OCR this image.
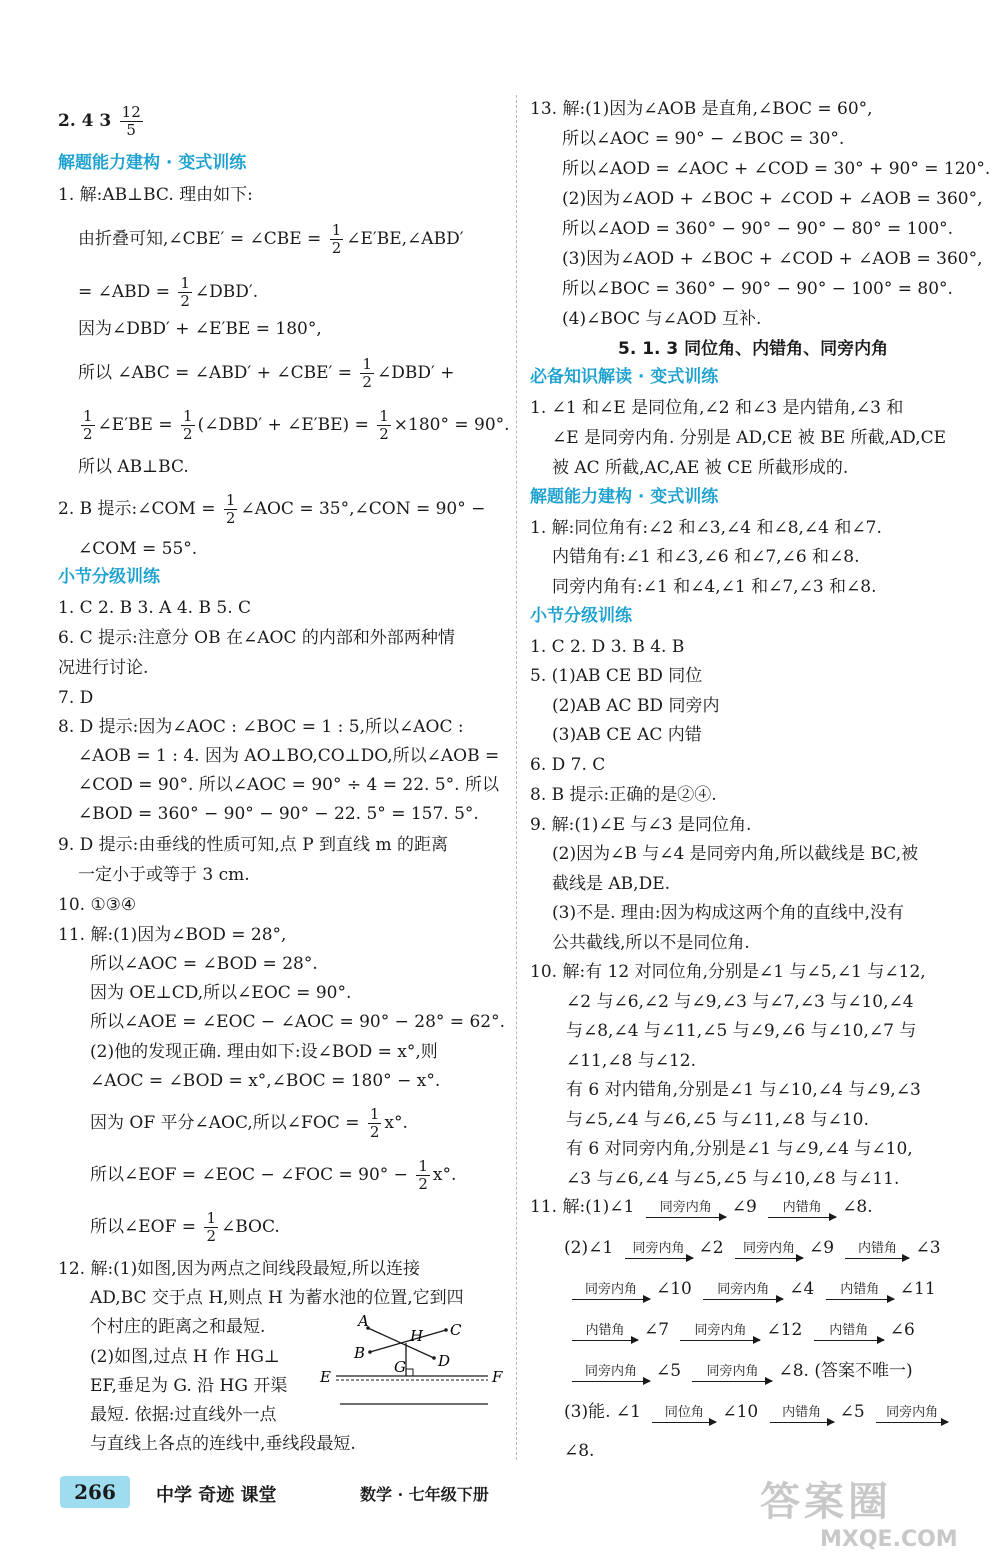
2. 4 $3 \frac{12}{5}$
解题能力建构 · 变式训练
1. 解:AB⊥BC. 理由如下:
由折叠可知,∠CBE′ = ∠CBE = $\frac{1}{2}$ ∠E′BE,∠ABD′
= ∠ABD = $\frac{1}{2}$ ∠DBD′.
因为∠DBD′ + ∠E′BE = 180°,
所以 ∠ABC = ∠ABD′ + ∠CBE′ = $\frac{1}{2}$ ∠DBD′ +
$\frac{1}{2}$ ∠E′BE = $\frac{1}{2}$ (∠DBD′ + ∠E′BE) = $\frac{1}{2} \times 180^\circ = 90^\circ$.
所以 AB⊥BC.
2. B 提示:∠COM = $\frac{1}{2}$ ∠AOC = 35°,∠CON = 90° −
∠COM = 55°.
小节分级训练
1. C 2. B 3. A 4. B 5. C
6. C 提示:注意分 OB 在∠AOC 的内部和外部两种情
况进行讨论.
7. D
8. D 提示:因为∠AOC : ∠BOC = 1 : 5,所以∠AOC :
∠AOB = 1 : 4. 因为 AO⊥BO,CO⊥DO,所以∠AOB =
∠COD = 90°. 所以∠AOC = 90° ÷ 4 = 22. 5°. 所以
∠BOD = 360° − 90° − 90° − 22. 5° = 157. 5°.
9. D 提示:由垂线的性质可知,点 P 到直线 m 的距离
一定小于或等于 3 cm.
10. ①③④
11. 解:(1)因为∠BOD = 28°,
所以∠AOC = ∠BOD = 28°.
因为 OE⊥CD,所以∠EOC = 90°.
所以∠AOE = ∠EOC − ∠AOC = 90° − 28° = 62°.
(2)他的发现正确. 理由如下:设∠BOD = x°,则
∠AOC = ∠BOD = x°,∠BOC = 180° − x°.
因为 OF 平分∠AOC,所以∠FOC = $\frac{1}{2} x^\circ$.
所以∠EOF = ∠EOC − ∠FOC = $90^\circ - \frac{1}{2} x^\circ$.
所以∠EOF = $\frac{1}{2}$ ∠BOC.
12. 解:(1)如图,因为两点之间线段最短,所以连接
AD,BC 交于点 H,则点 H 为蓄水池的位置,它到四
个村庄的距离之和最短.
(2)如图,过点 H 作 HG⊥
EF,垂足为 G. 沿 HG 开渠
最短. 依据:过直线外一点
与直线上各点的连线中,垂线段最短.
A
H C
B	D
G
E	F
13. 解:(1)因为∠AOB 是直角,∠BOC = 60°,
所以∠AOC = 90° − ∠BOC = 30°.
所以∠AOD = ∠AOC + ∠COD = 30° + 90° = 120°.
(2)因为∠AOD + ∠BOC + ∠COD + ∠AOB = 360°,
所以∠AOD = 360° − 90° − 90° − 80° = 100°.
(3)因为∠AOD + ∠BOC + ∠COD + ∠AOB = 360°,
所以∠BOC = 360° − 90° − 90° − 100° = 80°.
(4)∠BOC 与∠AOD 互补.
5. 1. 3 同位角、内错角、同旁内角
必备知识解读 · 变式训练
1. ∠1 和∠E 是同位角,∠2 和∠3 是内错角,∠3 和
∠E 是同旁内角. 分别是 AD,CE 被 BE 所截,AD,CE
被 AC 所截,AC,AE 被 CE 所截形成的.
解题能力建构 · 变式训练
1. 解:同位角有:∠2 和∠3,∠4 和∠8,∠4 和∠7.
内错角有:∠1 和∠3,∠6 和∠7,∠6 和∠8.
同旁内角有:∠1 和∠4,∠1 和∠7,∠3 和∠8.
小节分级训练
1. C 2. D 3. B 4. B
5. (1)AB CE BD 同位
(2)AB AC BD 同旁内
(3)AB CE AC 内错
6. D 7. C
8. B 提示:正确的是②④.
9. 解:(1)∠E 与∠3 是同位角.
(2)因为∠B 与∠4 是同旁内角,所以截线是 BC,被
截线是 AB,DE.
(3)不是. 理由:因为构成这两个角的直线中,没有
公共截线,所以不是同位角.
10. 解:有 12 对同位角,分别是∠1 与∠5,∠1 与∠12,
∠2 与∠6,∠2 与∠9,∠3 与∠7,∠3 与∠10,∠4
与∠8,∠4 与∠11,∠5 与∠9,∠6 与∠10,∠7 与
∠11,∠8 与∠12.
有 6 对内错角,分别是∠1 与∠10,∠4 与∠9,∠3
与∠5,∠4 与∠6,∠5 与∠11,∠8 与∠10.
有 6 对同旁内角,分别是∠1 与∠9,∠4 与∠10,
∠3 与∠6,∠4 与∠5,∠5 与∠10,∠8 与∠11.
11. 解:(1)∠1	同旁内角	∠9	内错角	∠8.
(2)∠1	同旁内角 ∠2	同旁内角 ∠9	内错角	∠3
同旁内角	∠10	同旁内角	∠4	内错角	∠11
内错角	∠7	同旁内角	∠12	内错角	∠6
同旁内角	∠5	同旁内角	∠8. (答案不唯一)
(3)能. ∠1	同位角	∠10	内错角	∠5	同旁内角
∠8.
266	中学 奇迹 课堂	数学 · 七年级下册	答案圈
MXQE.COM
